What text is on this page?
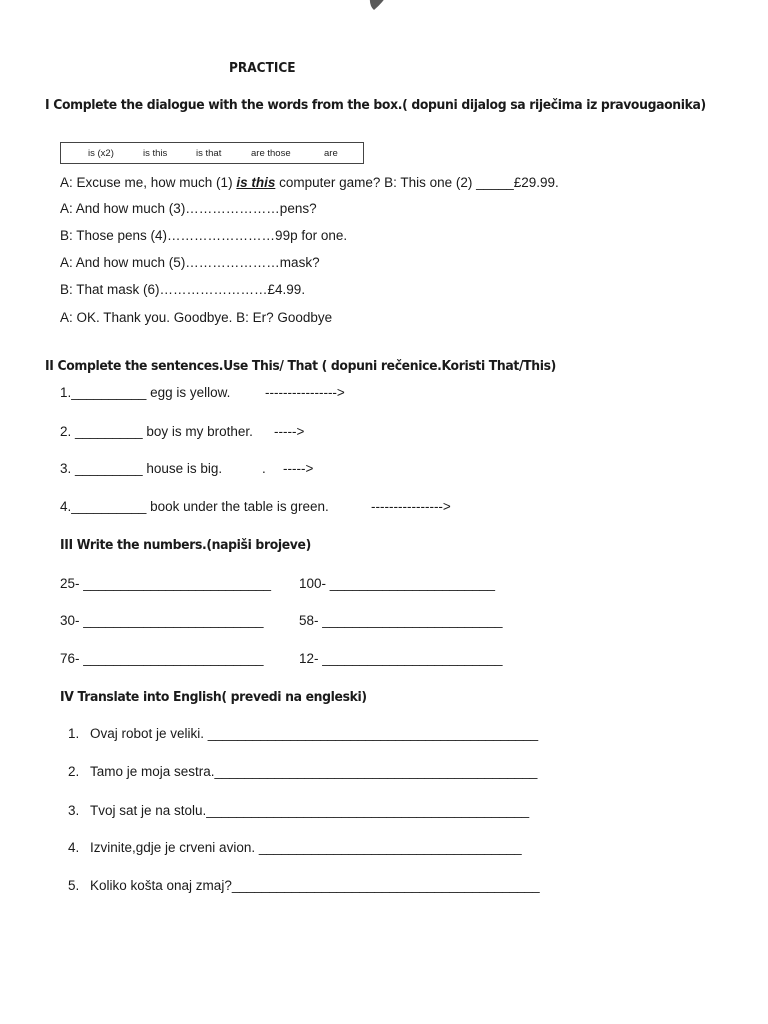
PRACTICE
I Complete the dialogue with the words from the box.( dopuni dijalog sa riječima iz pravougaonika)
is (x2)	is this	is that	are those	are
A: Excuse me, how much (1) is this computer game? B: This one (2) _____£29.99.
A: And how much (3)…………………pens?
B: Those pens (4)……………………99p for one.
A: And how much (5)…………………mask?
B: That mask (6)……………………£4.99.
A: OK. Thank you. Goodbye. B: Er? Goodbye
II Complete the sentences.Use This/ That ( dopuni rečenice.Koristi That/This)
1.__________ egg is yellow.	---------------->
2. _________ boy is my brother. ----->
3. _________ house is big.	. ----->
4.__________ book under the table is green.	---------------->
III Write the numbers.(napiši brojeve)
25- _________________________ 100- ______________________
30- ________________________	58- ________________________
76- ________________________	12- ________________________
IV Translate into English( prevedi na engleski)
1. Ovaj robot je veliki. ____________________________________________
2. Tamo je moja sestra.___________________________________________
3. Tvoj sat je na stolu.___________________________________________
4. Izvinite,gdje je crveni avion. ___________________________________
5. Koliko košta onaj zmaj?_________________________________________
